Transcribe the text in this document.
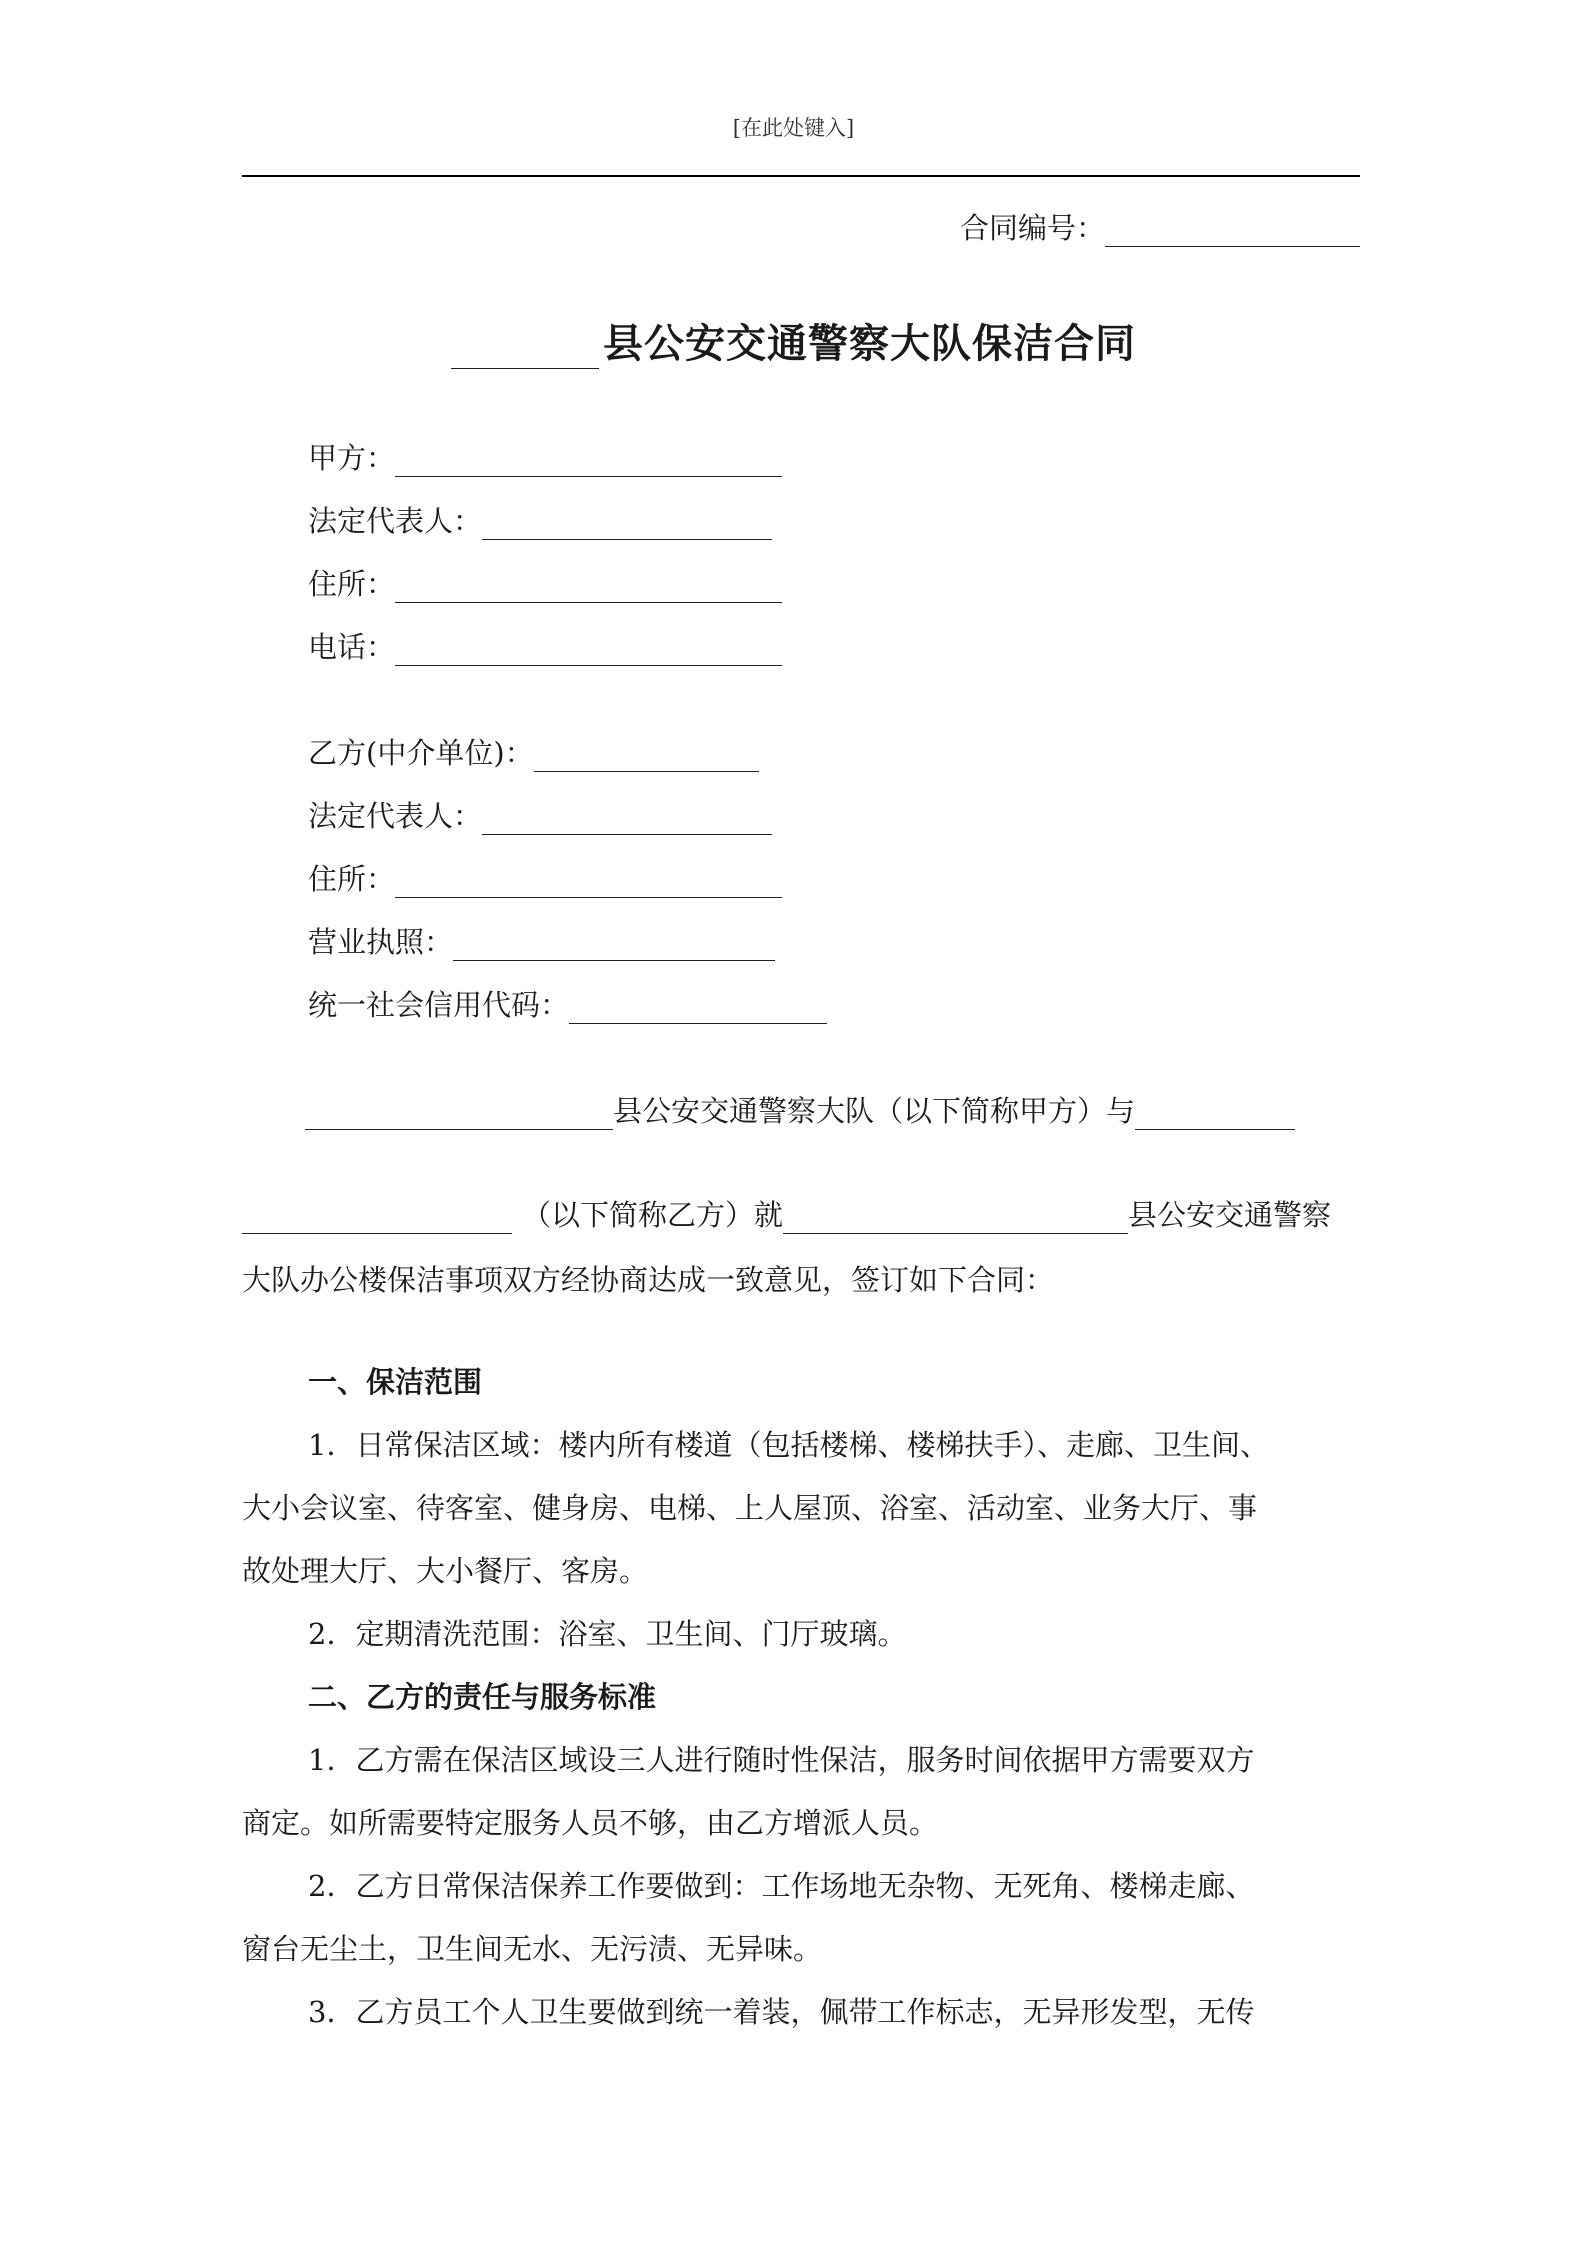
[在此处键入]
合同编号：
县公安交通警察大队保洁合同
甲方：
法定代表人：
住所：
电话：
乙方(中介单位)：
法定代表人：
住所：
营业执照：
统一社会信用代码：
县公安交通警察大队（以下简称甲方）与
（以下简称乙方）就	县公安交通警察
大队办公楼保洁事项双方经协商达成一致意见，签订如下合同：
一、保洁范围
1．日常保洁区域：楼内所有楼道（包括楼梯、楼梯扶手）、走廊、卫生间、
大小会议室、待客室、健身房、电梯、上人屋顶、浴室、活动室、业务大厅、事
故处理大厅、大小餐厅、客房。
2．定期清洗范围：浴室、卫生间、门厅玻璃。
二、乙方的责任与服务标准
1．乙方需在保洁区域设三人进行随时性保洁，服务时间依据甲方需要双方
商定。如所需要特定服务人员不够，由乙方增派人员。
2．乙方日常保洁保养工作要做到：工作场地无杂物、无死角、楼梯走廊、
窗台无尘土，卫生间无水、无污渍、无异味。
3．乙方员工个人卫生要做到统一着装，佩带工作标志，无异形发型，无传
